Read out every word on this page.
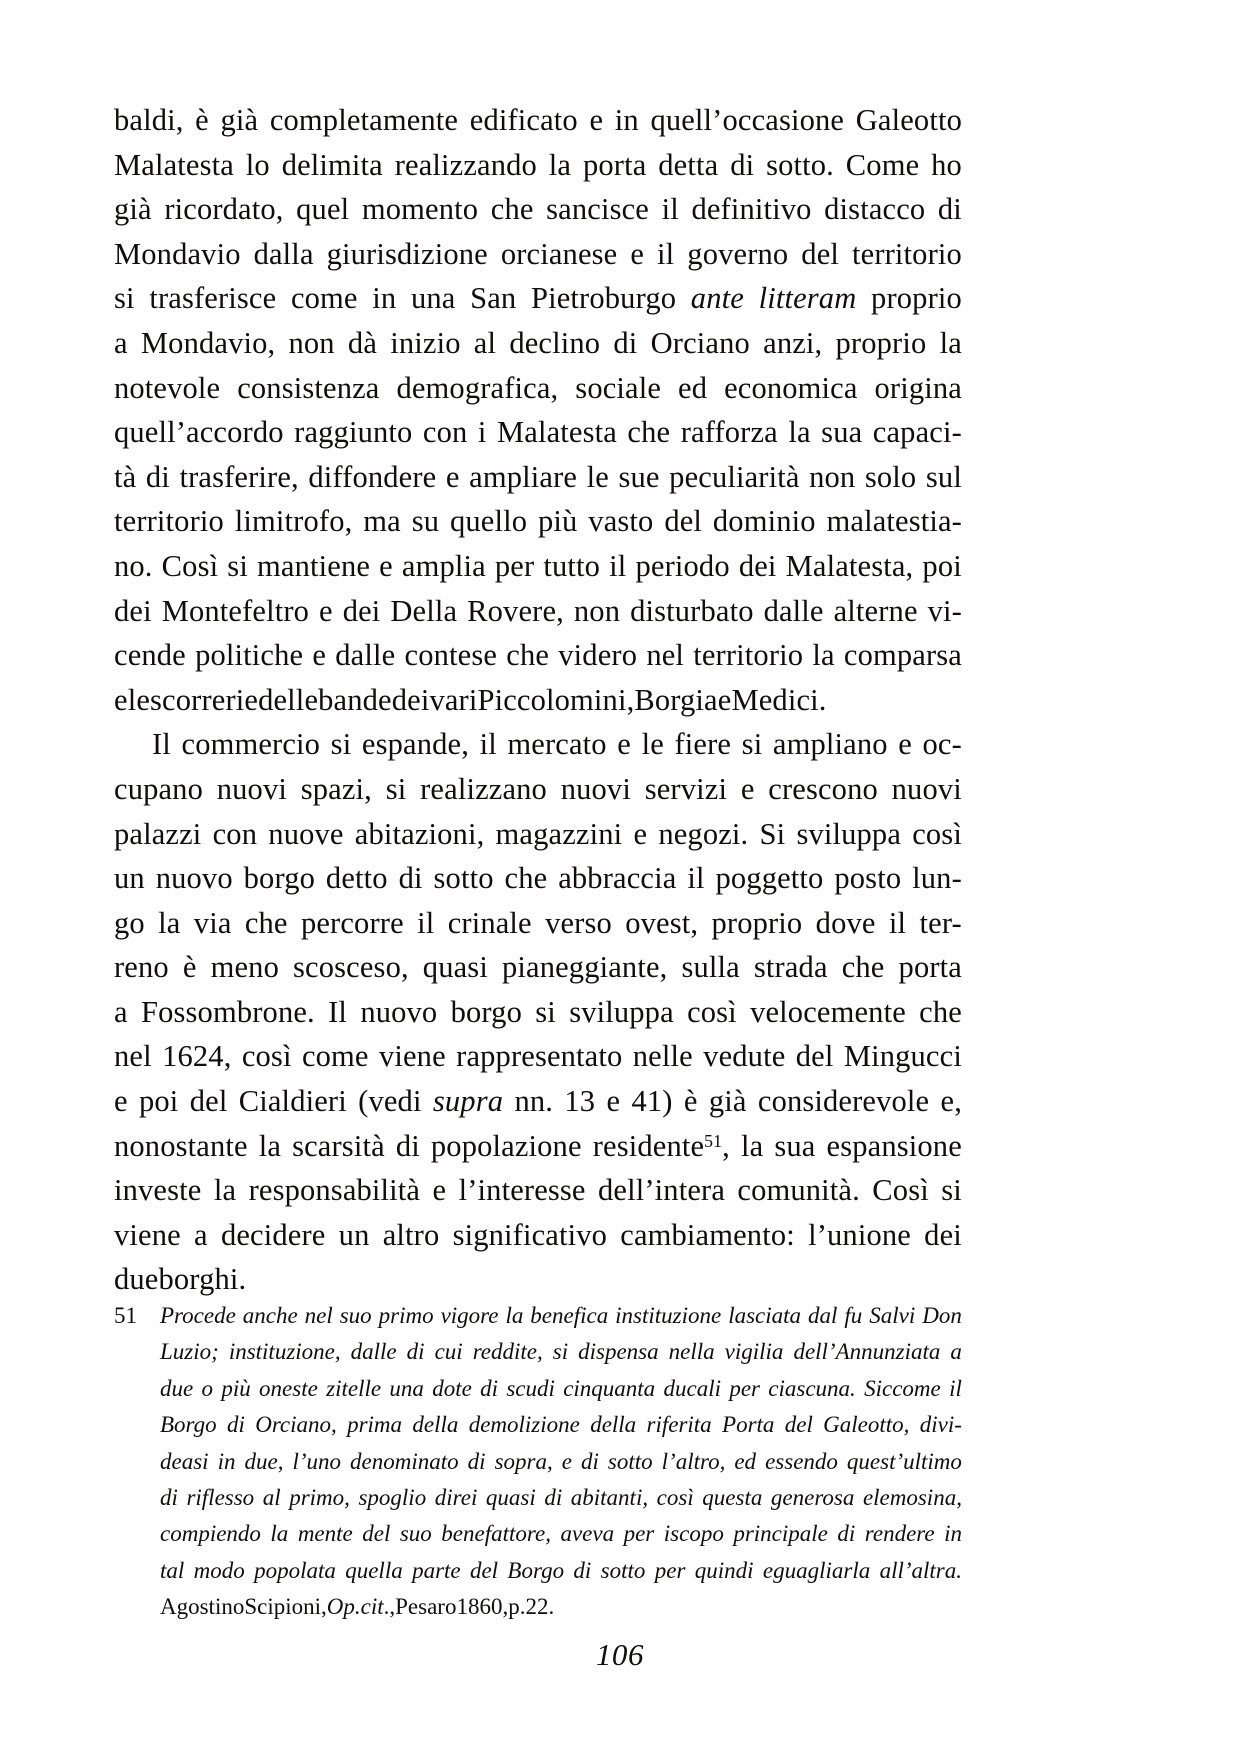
baldi, è già completamente edificato e in quell’occasione Galeotto
Malatesta lo delimita realizzando la porta detta di sotto. Come ho
già ricordato, quel momento che sancisce il definitivo distacco di
Mondavio dalla giurisdizione orcianese e il governo del territorio
si trasferisce come in una San Pietroburgo ante litteram proprio
a Mondavio, non dà inizio al declino di Orciano anzi, proprio la
notevole consistenza demografica, sociale ed economica origina
quell’accordo raggiunto con i Malatesta che rafforza la sua capaci-
tà di trasferire, diffondere e ampliare le sue peculiarità non solo sul
territorio limitrofo, ma su quello più vasto del dominio malatestia-
no. Così si mantiene e amplia per tutto il periodo dei Malatesta, poi
dei Montefeltro e dei Della Rovere, non disturbato dalle alterne vi-
cende politiche e dalle contese che videro nel territorio la comparsa
e le scorrerie delle bande dei vari Piccolomini, Borgia e Medici.
Il commercio si espande, il mercato e le fiere si ampliano e oc-
cupano nuovi spazi, si realizzano nuovi servizi e crescono nuovi
palazzi con nuove abitazioni, magazzini e negozi. Si sviluppa così
un nuovo borgo detto di sotto che abbraccia il poggetto posto lun-
go la via che percorre il crinale verso ovest, proprio dove il ter-
reno è meno scosceso, quasi pianeggiante, sulla strada che porta
a Fossombrone. Il nuovo borgo si sviluppa così velocemente che
nel 1624, così come viene rappresentato nelle vedute del Mingucci
e poi del Cialdieri (vedi supra nn. 13 e 41) è già considerevole e,
nonostante la scarsità di popolazione residente$^{51}$, la sua espansione
investe la responsabilità e l’interesse dell’intera comunità. Così si
viene a decidere un altro significativo cambiamento: l’unione dei
due borghi.
51	Procede anche nel suo primo vigore la benefica instituzione lasciata dal fu Salvi Don
Luzio; instituzione, dalle di cui reddite, si dispensa nella vigilia dell’Annunziata a
due o più oneste zitelle una dote di scudi cinquanta ducali per ciascuna. Siccome il
Borgo di Orciano, prima della demolizione della riferita Porta del Galeotto, divi-
deasi in due, l’uno denominato di sopra, e di sotto l’altro, ed essendo quest’ultimo
di riflesso al primo, spoglio direi quasi di abitanti, così questa generosa elemosina,
compiendo la mente del suo benefattore, aveva per iscopo principale di rendere in
tal modo popolata quella parte del Borgo di sotto per quindi eguagliarla all’altra.
Agostino Scipioni, Op. cit., Pesaro 1860, p. 22.
106
